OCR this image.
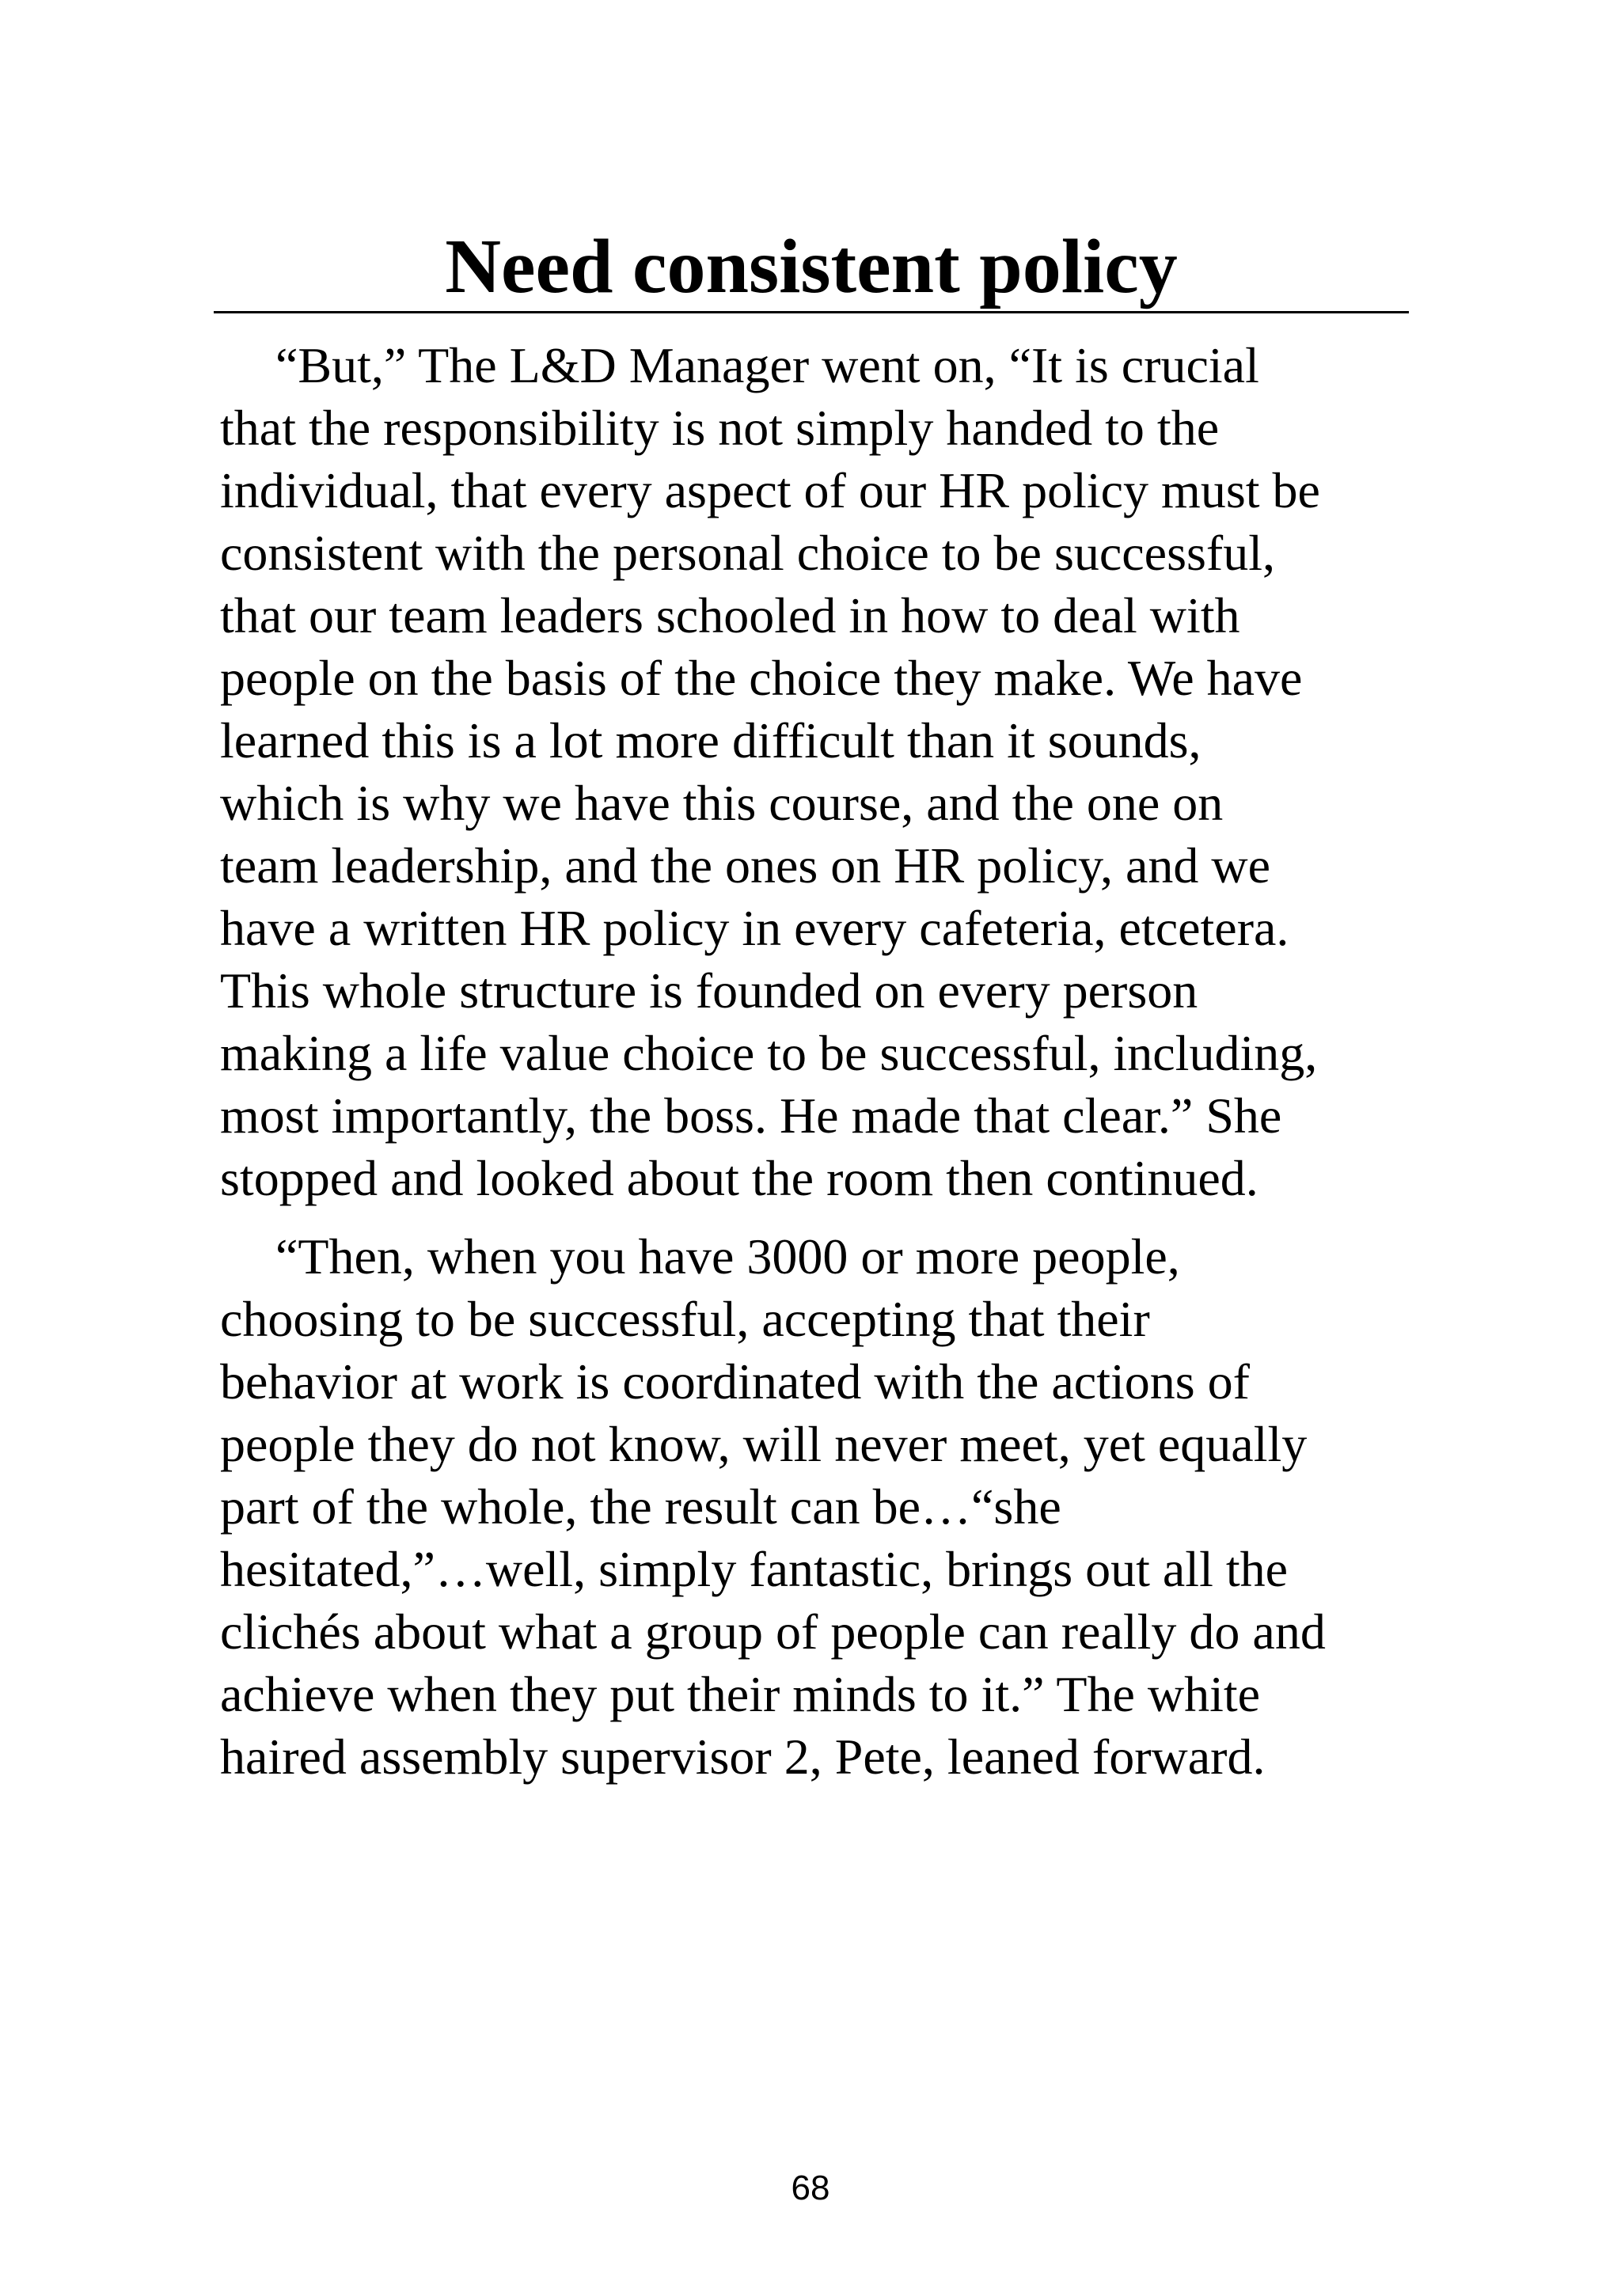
Need consistent policy

“But,” The L&D Manager went on, “It is crucial
that the responsibility is not simply handed to the
individual, that every aspect of our HR policy must be
consistent with the personal choice to be successful,
that our team leaders schooled in how to deal with
people on the basis of the choice they make. We have
learned this is a lot more difficult than it sounds,
which is why we have this course, and the one on
team leadership, and the ones on HR policy, and we
have a written HR policy in every cafeteria, etcetera.
This whole structure is founded on every person
making a life value choice to be successful, including,
most importantly, the boss. He made that clear.” She
stopped and looked about the room then continued.

“Then, when you have 3000 or more people,
choosing to be successful, accepting that their
behavior at work is coordinated with the actions of
people they do not know, will never meet, yet equally
part of the whole, the result can be…“she
hesitated,”…well, simply fantastic, brings out all the
clichés about what a group of people can really do and
achieve when they put their minds to it.” The white
haired assembly supervisor 2, Pete, leaned forward.

68
